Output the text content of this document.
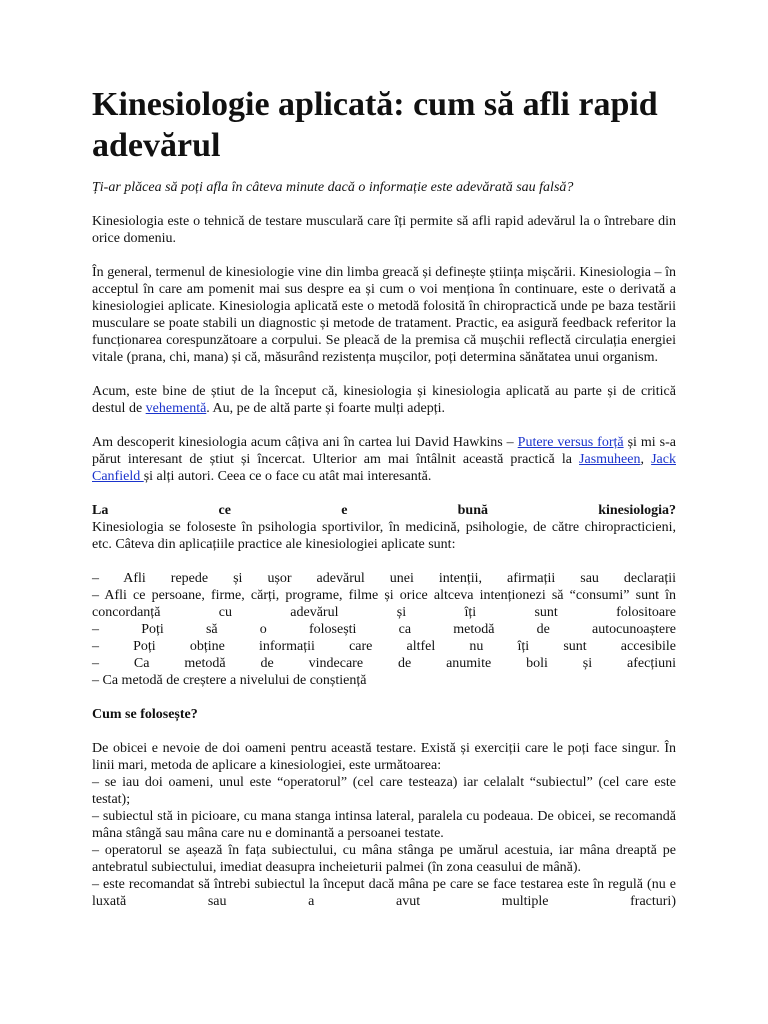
Kinesiologie aplicată: cum să afli rapid adevărul

Ți-ar plăcea să poți afla în câteva minute dacă o informație este adevărată sau falsă?

Kinesiologia este o tehnică de testare musculară care îți permite să afli rapid adevărul la o întrebare din orice domeniu.

În general, termenul de kinesiologie vine din limba greacă și definește știința mișcării. Kinesiologia – în acceptul în care am pomenit mai sus despre ea și cum o voi menționa în continuare, este o derivată a kinesiologiei aplicate. Kinesiologia aplicată este o metodă folosită în chiropracticǎ unde pe baza testării musculare se poate stabili un diagnostic și metode de tratament. Practic, ea asigură feedback referitor la funcționarea corespunzătoare a corpului. Se pleacă de la premisa că mușchii reflectă circulația energiei vitale (prana, chi, mana) și că, măsurând rezistența mușcilor, poți determina sănătatea unui organism.

Acum, este bine de știut de la început că, kinesiologia și kinesiologia aplicată au parte și de critică destul de vehementă. Au, pe de altă parte și foarte mulți adepți.

Am descoperit kinesiologia acum câțiva ani în cartea lui David Hawkins – Putere versus forță și mi s-a părut interesant de știut și încercat. Ulterior am mai întâlnit această practică la Jasmuheen, Jack Canfield și alți autori. Ceea ce o face cu atât mai interesantă.

La ce e bună kinesiologia?

Kinesiologia se foloseste în psihologia sportivilor, în medicină, psihologie, de către chiropracticieni, etc. Câteva din aplicațiile practice ale kinesiologiei aplicate sunt:

– Afli repede și ușor adevărul unei intenții, afirmații sau declarații

– Afli ce persoane, firme, cărți, programe, filme și orice altceva intenționezi să “consumi” sunt în concordanță cu adevărul și îți sunt folositoare

– Poți să o folosești ca metodă de autocunoaștere

– Poți obține informații care altfel nu îți sunt accesibile

– Ca metodă de vindecare de anumite boli și afecțiuni

– Ca metodă de creștere a nivelului de conștiență

Cum se folosește?

De obicei e nevoie de doi oameni pentru această testare. Există și exerciții care le poți face singur. În linii mari, metoda de aplicare a kinesiologiei, este următoarea:

– se iau doi oameni, unul este “operatorul” (cel care testeaza) iar celalalt “subiectul” (cel care este testat);

– subiectul stă in picioare, cu mana stanga intinsa lateral, paralela cu podeaua. De obicei, se recomandă mâna stângă sau mâna care nu e dominantă a persoanei testate.

– operatorul se așează în fața subiectului, cu mâna stânga pe umărul acestuia, iar mâna dreaptă pe antebratul subiectului, imediat deasupra incheieturii palmei (în zona ceasului de mână).

– este recomandat să întrebi subiectul la început dacă mâna pe care se face testarea este în regulă (nu e luxată sau a avut multiple fracturi)
